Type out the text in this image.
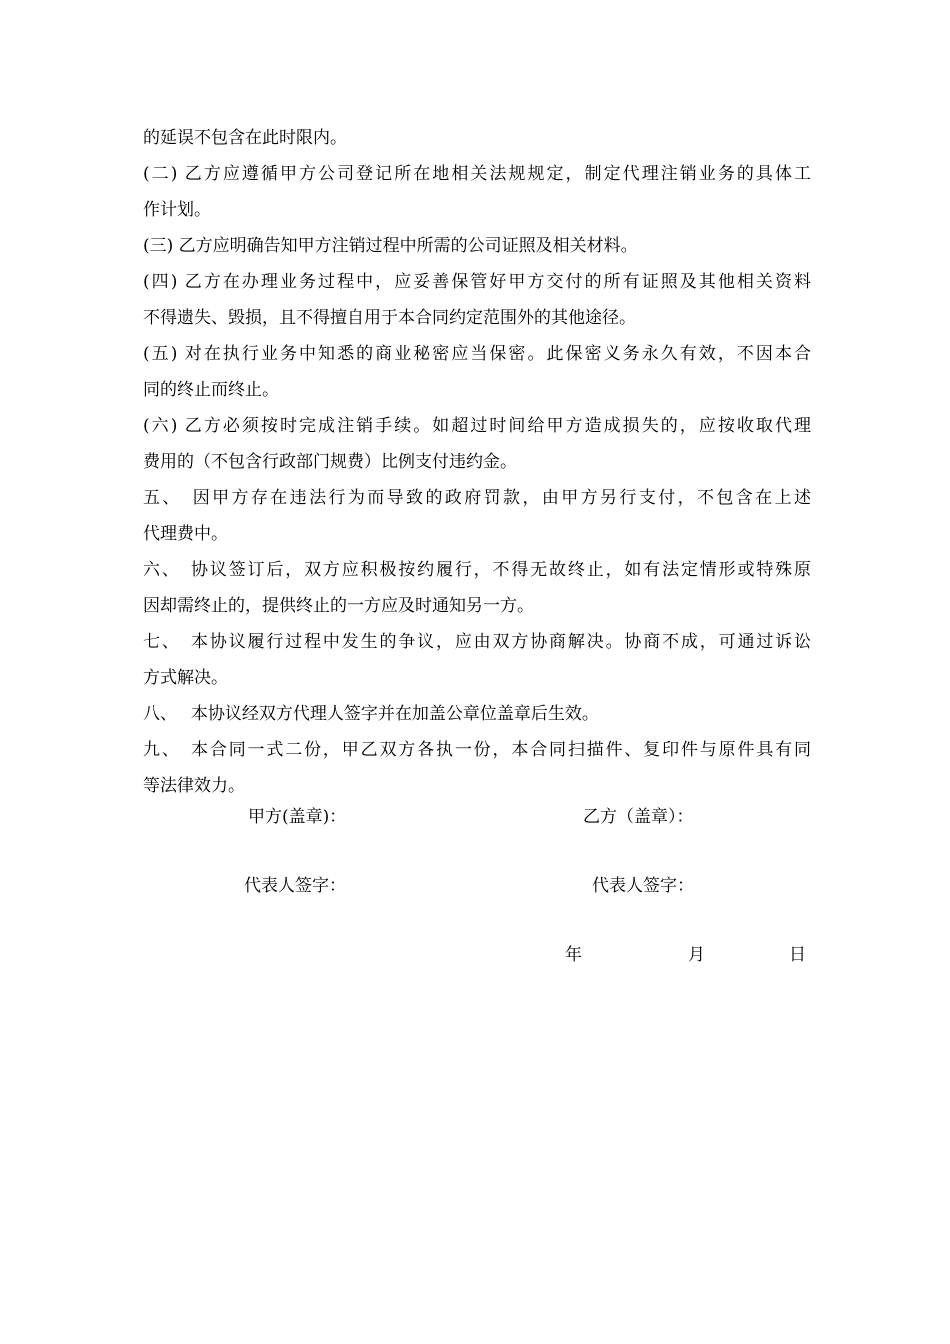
的延误不包含在此时限内。
(二) 乙方应遵循甲方公司登记所在地相关法规规定，制定代理注销业务的具体工
作计划。
(三) 乙方应明确告知甲方注销过程中所需的公司证照及相关材料。
(四) 乙方在办理业务过程中，应妥善保管好甲方交付的所有证照及其他相关资料
不得遗失、毁损，且不得擅自用于本合同约定范围外的其他途径。
(五) 对在执行业务中知悉的商业秘密应当保密。此保密义务永久有效，不因本合
同的终止而终止。
(六) 乙方必须按时完成注销手续。如超过时间给甲方造成损失的，应按收取代理
费用的（不包含行政部门规费）比例支付违约金。
五、　因甲方存在违法行为而导致的政府罚款，由甲方另行支付，不包含在上述
代理费中。
六、　协议签订后，双方应积极按约履行，不得无故终止，如有法定情形或特殊原
因却需终止的，提供终止的一方应及时通知另一方。
七、　本协议履行过程中发生的争议，应由双方协商解决。协商不成，可通过诉讼
方式解决。
八、　 本协议经双方代理人签字并在加盖公章位盖章后生效。
九、　本合同一式二份，甲乙双方各执一份，本合同扫描件、复印件与原件具有同
等法律效力。
甲方(盖章)：	乙方（盖章）：
代表人签字：	代表人签字：
年	月	日
